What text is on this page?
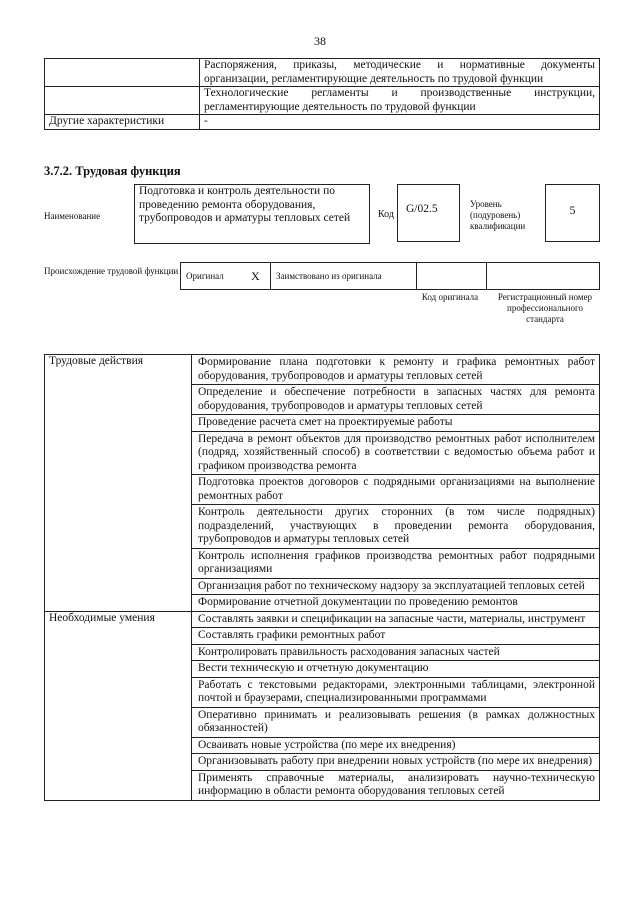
38
	Распоряжения, приказы, методические и нормативные документы организации, регламентирующие деятельность по трудовой функции
	Технологические регламенты и производственные инструкции, регламентирующие деятельность по трудовой функции
Другие характеристики	-
3.7.2. Трудовая функция
Наименование
Подготовка и контроль деятельности по проведению ремонта оборудования, трубопроводов и арматуры тепловых сетей	Код	G/02.5	Уровень (подуровень) квалификации
5
Происхождение трудовой функции Оригинал X Заимствовано из оригинала
Код оригинала	Регистрационный номер профессионального стандарта
Трудовые действия	Формирование плана подготовки к ремонту и графика ремонтных работ оборудования, трубопроводов и арматуры тепловых сетей
	Определение и обеспечение потребности в запасных частях для ремонта оборудования, трубопроводов и арматуры тепловых сетей
	Проведение расчета смет на проектируемые работы
	Передача в ремонт объектов для производство ремонтных работ исполнителем (подряд, хозяйственный способ) в соответствии с ведомостью объема работ и графиком производства ремонта
	Подготовка проектов договоров с подрядными организациями на выполнение ремонтных работ
	Контроль деятельности других сторонних (в том числе подрядных) подразделений, участвующих в проведении ремонта оборудования, трубопроводов и арматуры тепловых сетей
	Контроль исполнения графиков производства ремонтных работ подрядными организациями
	Организация работ по техническому надзору за эксплуатацией тепловых сетей
	Формирование отчетной документации по проведению ремонтов
Необходимые умения	Составлять заявки и спецификации на запасные части, материалы, инструмент
	Составлять графики ремонтных работ
	Контролировать правильность расходования запасных частей
	Вести техническую и отчетную документацию
	Работать с текстовыми редакторами, электронными таблицами, электронной почтой и браузерами, специализированными программами
	Оперативно принимать и реализовывать решения (в рамках должностных обязанностей)
	Осваивать новые устройства (по мере их внедрения)
	Организовывать работу при внедрении новых устройств (по мере их внедрения)
	Применять справочные материалы, анализировать научно-техническую информацию в области ремонта оборудования тепловых сетей
